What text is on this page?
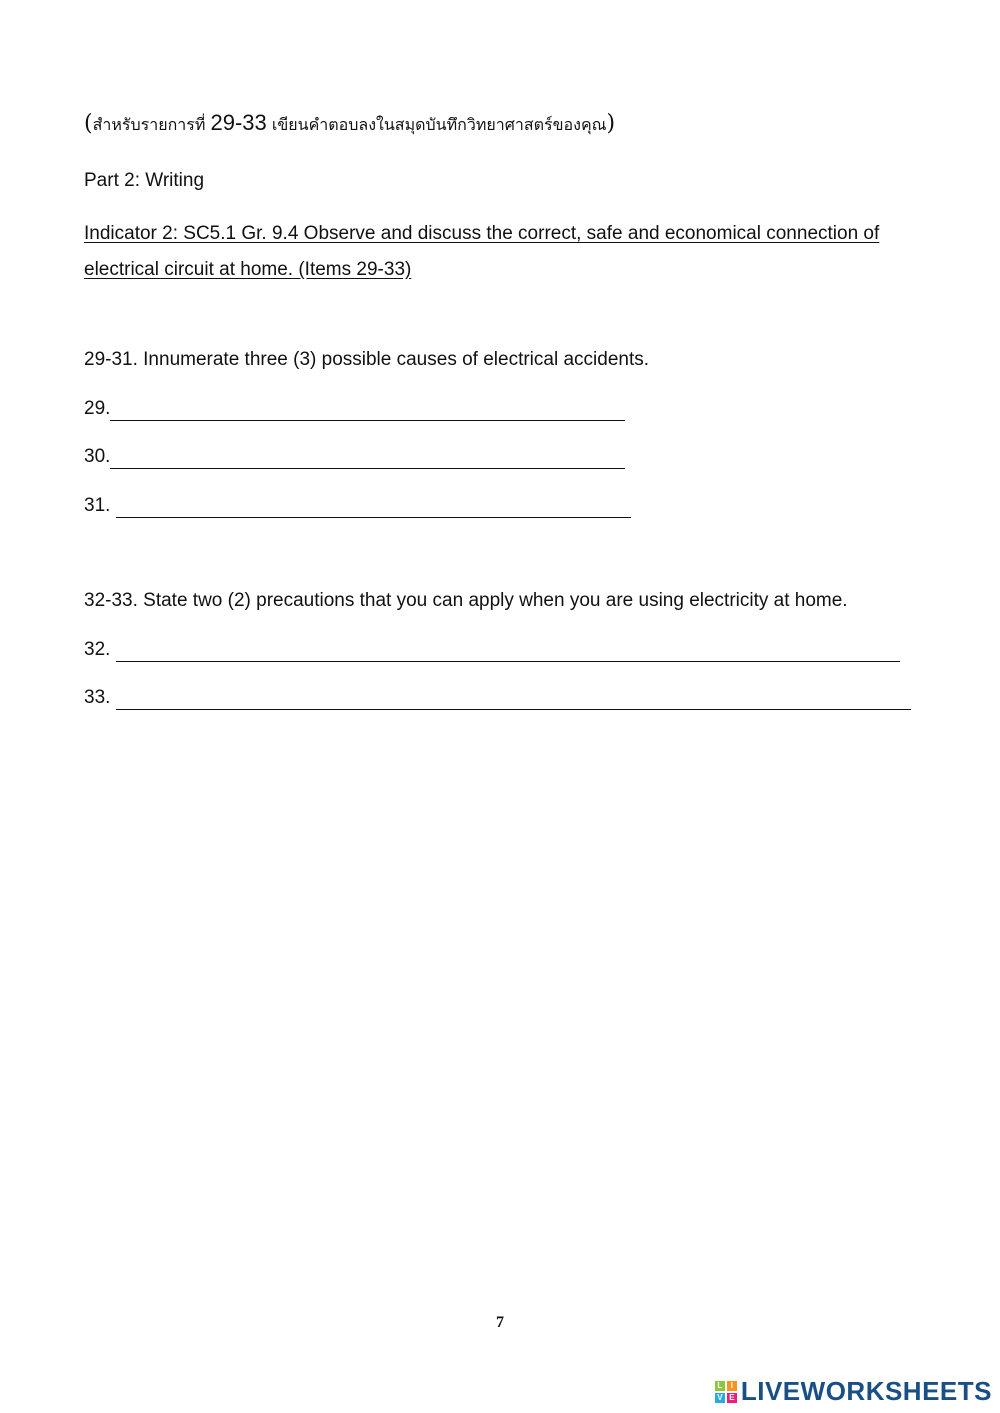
(สำหรับรายการที่ 29-33 เขียนคำตอบลงในสมุดบันทึกวิทยาศาสตร์ของคุณ)
Part 2: Writing
Indicator 2: SC5.1 Gr. 9.4 Observe and discuss the correct, safe and economical connection of electrical circuit at home. (Items 29-33)
29-31. Innumerate three (3) possible causes of electrical accidents.
29.
30.
31.
32-33. State two (2) precautions that you can apply when you are using electricity at home.
32.
33.
7
L	I
V E LIVEWORKSHEETS
